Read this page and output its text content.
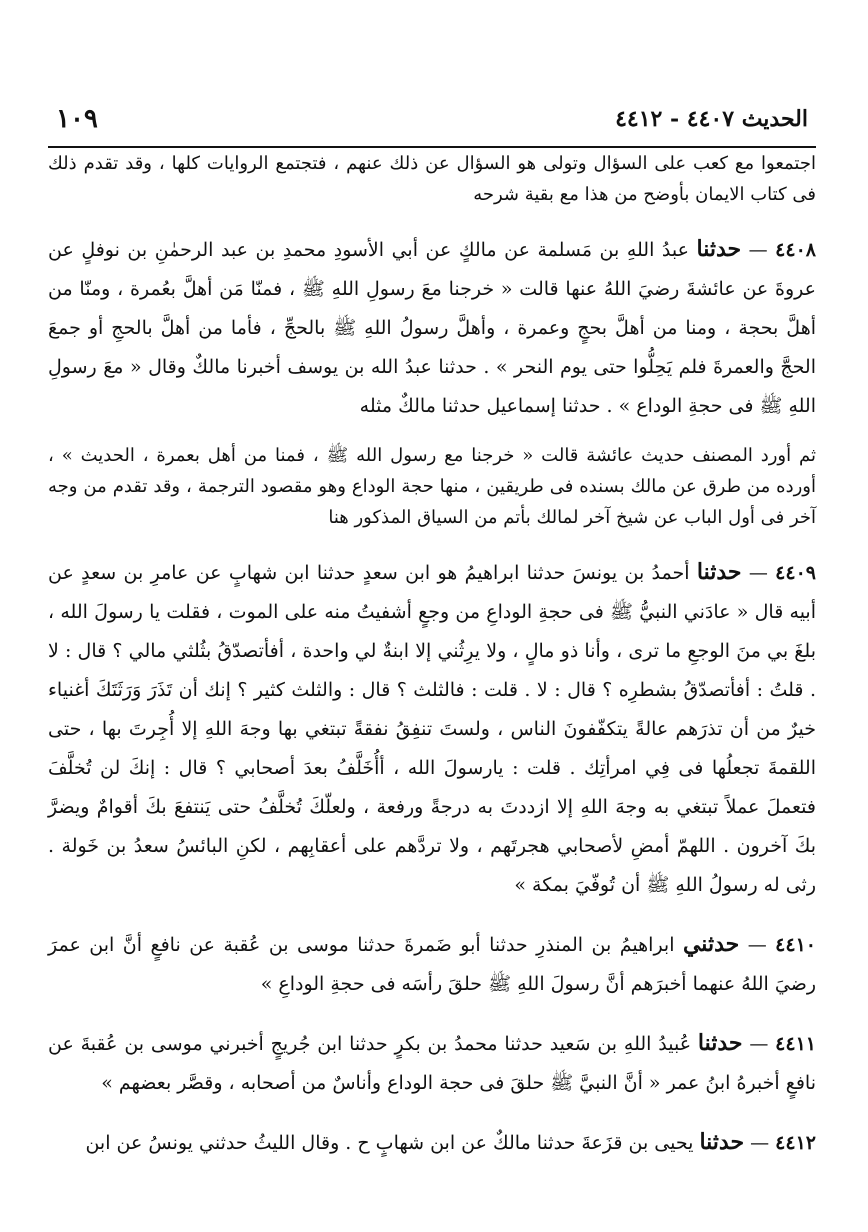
الحديث ٤٤٠٧ - ٤٤١٢
١٠٩

اجتمعوا مع كعب على السؤال وتولى هو السؤال عن ذلك عنهم ، فتجتمع الروايات كلها ، وقد تقدم ذلك فى كتاب الايمان بأوضح من هذا مع بقية شرحه

٤٤٠٨ — حدثنا عبدُ اللهِ بن مَسلمة عن مالكٍ عن أبي الأسودِ محمدِ بن عبد الرحمٰنِ بن نوفلٍ عن عروةَ عن عائشةَ رضيَ اللهُ عنها قالت « خرجنا معَ رسولِ اللهِ ﷺ ، فمنّا مَن أهلَّ بعُمرة ، ومنّا من أهلَّ بحجة ، ومنا من أهلَّ بحجٍ وعمرة ، وأهلَّ رسولُ اللهِ ﷺ بالحجِّ ، فأما من أهلَّ بالحجِ أو جمعَ الحجَّ والعمرةَ فلم يَحِلُّوا حتى يوم النحر » . حدثنا عبدُ الله بن يوسف أخبرنا مالكٌ وقال « معَ رسولِ اللهِ ﷺ فى حجةِ الوداع » . حدثنا إسماعيل حدثنا مالكٌ مثله

ثم أورد المصنف حديث عائشة قالت « خرجنا مع رسول الله ﷺ ، فمنا من أهل بعمرة ، الحديث » ، أورده من طرق عن مالك بسنده فى طريقين ، منها حجة الوداع وهو مقصود الترجمة ، وقد تقدم من وجه آخر فى أول الباب عن شيخ آخر لمالك بأتم من السياق المذكور هنا

٤٤٠٩ — حدثنا أحمدُ بن يونسَ حدثنا ابراهيمُ هو ابن سعدٍ حدثنا ابن شهابٍ عن عامرِ بن سعدٍ عن أبيه قال « عادَني النبيُّ ﷺ فى حجةِ الوداعِ من وجعٍ أشفيتُ منه على الموت ، فقلت يا رسولَ الله ، بلغَ بي منَ الوجعِ ما ترى ، وأنا ذو مالٍ ، ولا يرِثُني إلا ابنةٌ لي واحدة ، أفأتصدّقُ بثُلثي مالي ؟ قال : لا . قلتُ : أفأتصدّقُ بشطرِه ؟ قال : لا . قلت : فالثلث ؟ قال : والثلث كثير ؟ إنك أن تَذَرَ وَرَثَتَكَ أغنياء خيرٌ من أن تذرَهم عالةً يتكفّفونَ الناس ، ولستَ تنفِقُ نفقةً تبتغي بها وجهَ اللهِ إلا أُجِرتَ بها ، حتى اللقمةَ تجعلُها فى فِي امرأتِك . قلت : يارسولَ الله ، أأُخَلَّفُ بعدَ أصحابي ؟ قال : إنكَ لن تُخلَّفَ فتعملَ عملاً تبتغي به وجهَ اللهِ إلا ازددتَ به درجةً ورفعة ، ولعلّكَ تُخلَّفُ حتى يَنتفعَ بكَ أقوامٌ ويضرَّ بكَ آخرون . اللهمّ أمضِ لأصحابي هجرتَهم ، ولا تردَّهم على أعقابِهم ، لكنِ البائسُ سعدُ بن خَولة . رثى له رسولُ اللهِ ﷺ أن تُوفّيَ بمكة »

٤٤١٠ — حدثني ابراهيمُ بن المنذرِ حدثنا أبو ضَمرةَ حدثنا موسى بن عُقبة عن نافعٍ أنَّ ابن عمرَ رضيَ اللهُ عنهما أخبرَهم أنَّ رسولَ اللهِ ﷺ حلقَ رأسَه فى حجةِ الوداعِ »

٤٤١١ — حدثنا عُبيدُ اللهِ بن سَعيد حدثنا محمدُ بن بكرٍ حدثنا ابن جُريجٍ أخبرني موسى بن عُقبةَ عن نافعٍ أخبرهُ ابنُ عمر « أنَّ النبيَّ ﷺ حلقَ فى حجة الوداع وأناسٌ من أصحابه ، وقصَّر بعضهم »

٤٤١٢ — حدثنا يحيى بن قزَعةَ حدثنا مالكٌ عن ابن شهابٍ ح . وقال الليثُ حدثني يونسُ عن ابن
